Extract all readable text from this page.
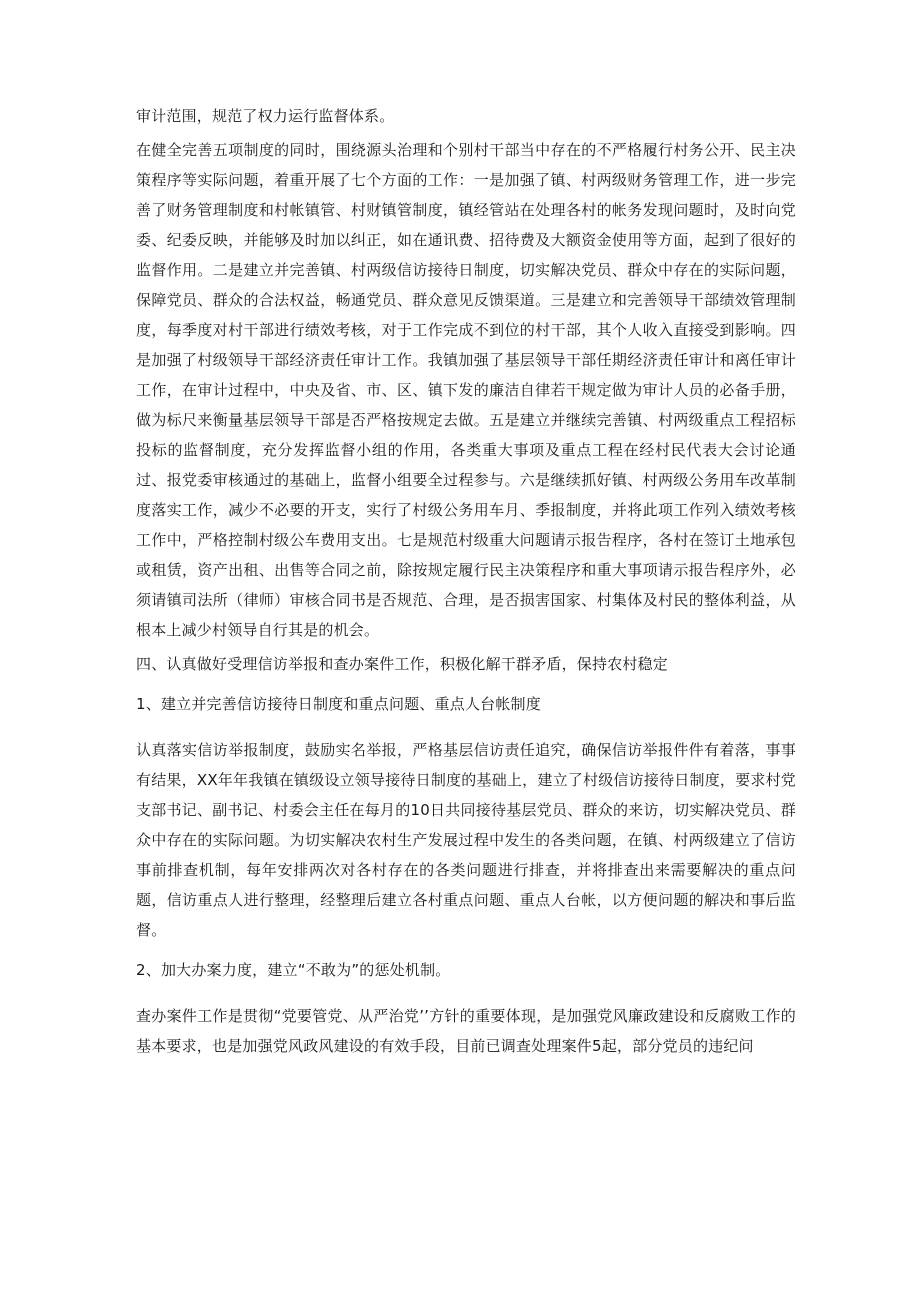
审计范围，规范了权力运行监督体系。

在健全完善五项制度的同时，围绕源头治理和个别村干部当中存在的不严格履行村务公开、民主决策程序等实际问题，着重开展了七个方面的工作：一是加强了镇、村两级财务管理工作，进一步完善了财务管理制度和村帐镇管、村财镇管制度，镇经管站在处理各村的帐务发现问题时，及时向党委、纪委反映，并能够及时加以纠正，如在通讯费、招待费及大额资金使用等方面，起到了很好的监督作用。二是建立并完善镇、村两级信访接待日制度，切实解决党员、群众中存在的实际问题，保障党员、群众的合法权益，畅通党员、群众意见反馈渠道。三是建立和完善领导干部绩效管理制度，每季度对村干部进行绩效考核，对于工作完成不到位的村干部，其个人收入直接受到影响。四是加强了村级领导干部经济责任审计工作。我镇加强了基层领导干部任期经济责任审计和离任审计工作，在审计过程中，中央及省、市、区、镇下发的廉洁自律若干规定做为审计人员的必备手册，做为标尺来衡量基层领导干部是否严格按规定去做。五是建立并继续完善镇、村两级重点工程招标投标的监督制度，充分发挥监督小组的作用，各类重大事项及重点工程在经村民代表大会讨论通过、报党委审核通过的基础上，监督小组要全过程参与。六是继续抓好镇、村两级公务用车改革制度落实工作，减少不必要的开支，实行了村级公务用车月、季报制度，并将此项工作列入绩效考核工作中，严格控制村级公车费用支出。七是规范村级重大问题请示报告程序，各村在签订土地承包或租赁，资产出租、出售等合同之前，除按规定履行民主决策程序和重大事项请示报告程序外，必须请镇司法所（律师）审核合同书是否规范、合理，是否损害国家、村集体及村民的整体利益，从根本上减少村领导自行其是的机会。

四、认真做好受理信访举报和查办案件工作，积极化解干群矛盾，保持农村稳定

1、建立并完善信访接待日制度和重点问题、重点人台帐制度

认真落实信访举报制度，鼓励实名举报，严格基层信访责任追究，确保信访举报件件有着落，事事有结果，XX年年我镇在镇级设立领导接待日制度的基础上，建立了村级信访接待日制度，要求村党支部书记、副书记、村委会主任在每月的10日共同接待基层党员、群众的来访，切实解决党员、群众中存在的实际问题。为切实解决农村生产发展过程中发生的各类问题，在镇、村两级建立了信访事前排查机制，每年安排两次对各村存在的各类问题进行排查，并将排查出来需要解决的重点问题，信访重点人进行整理，经整理后建立各村重点问题、重点人台帐，以方便问题的解决和事后监督。

2、加大办案力度，建立“不敢为”的惩处机制。

查办案件工作是贯彻“党要管党、从严治党’’方针的重要体现，是加强党风廉政建设和反腐败工作的基本要求，也是加强党风政风建设的有效手段，目前已调查处理案件5起，部分党员的违纪问
